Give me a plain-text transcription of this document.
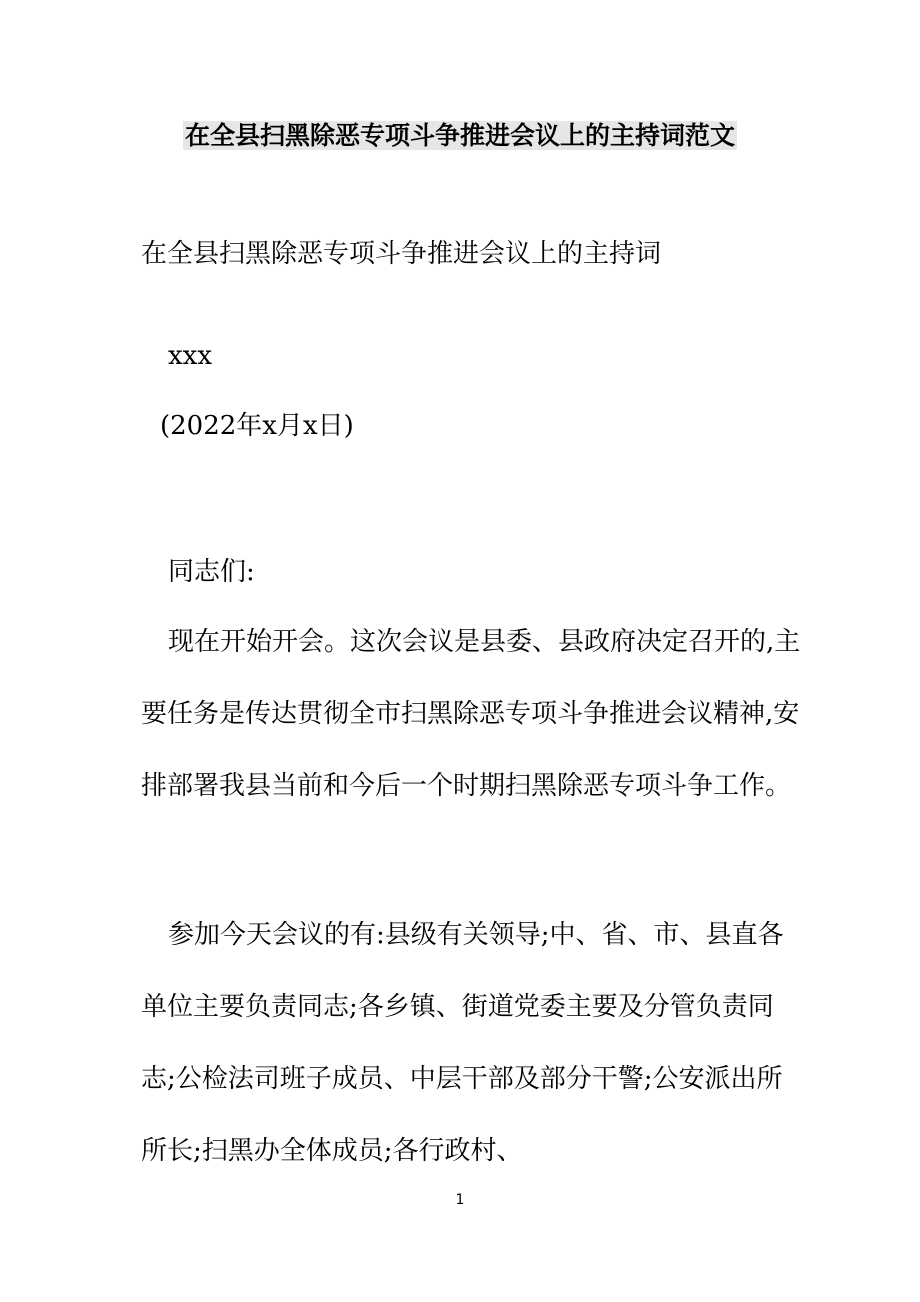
在全县扫黑除恶专项斗争推进会议上的主持词范文

在全县扫黑除恶专项斗争推进会议上的主持词

xxx

(2022年x月x日)

同志们:

现在开始开会。这次会议是县委、县政府决定召开的,主要任务是传达贯彻全市扫黑除恶专项斗争推进会议精神,安排部署我县当前和今后一个时期扫黑除恶专项斗争工作。

参加今天会议的有:县级有关领导;中、省、市、县直各单位主要负责同志;各乡镇、街道党委主要及分管负责同志;公检法司班子成员、中层干部及部分干警;公安派出所所长;扫黑办全体成员;各行政村、

1
